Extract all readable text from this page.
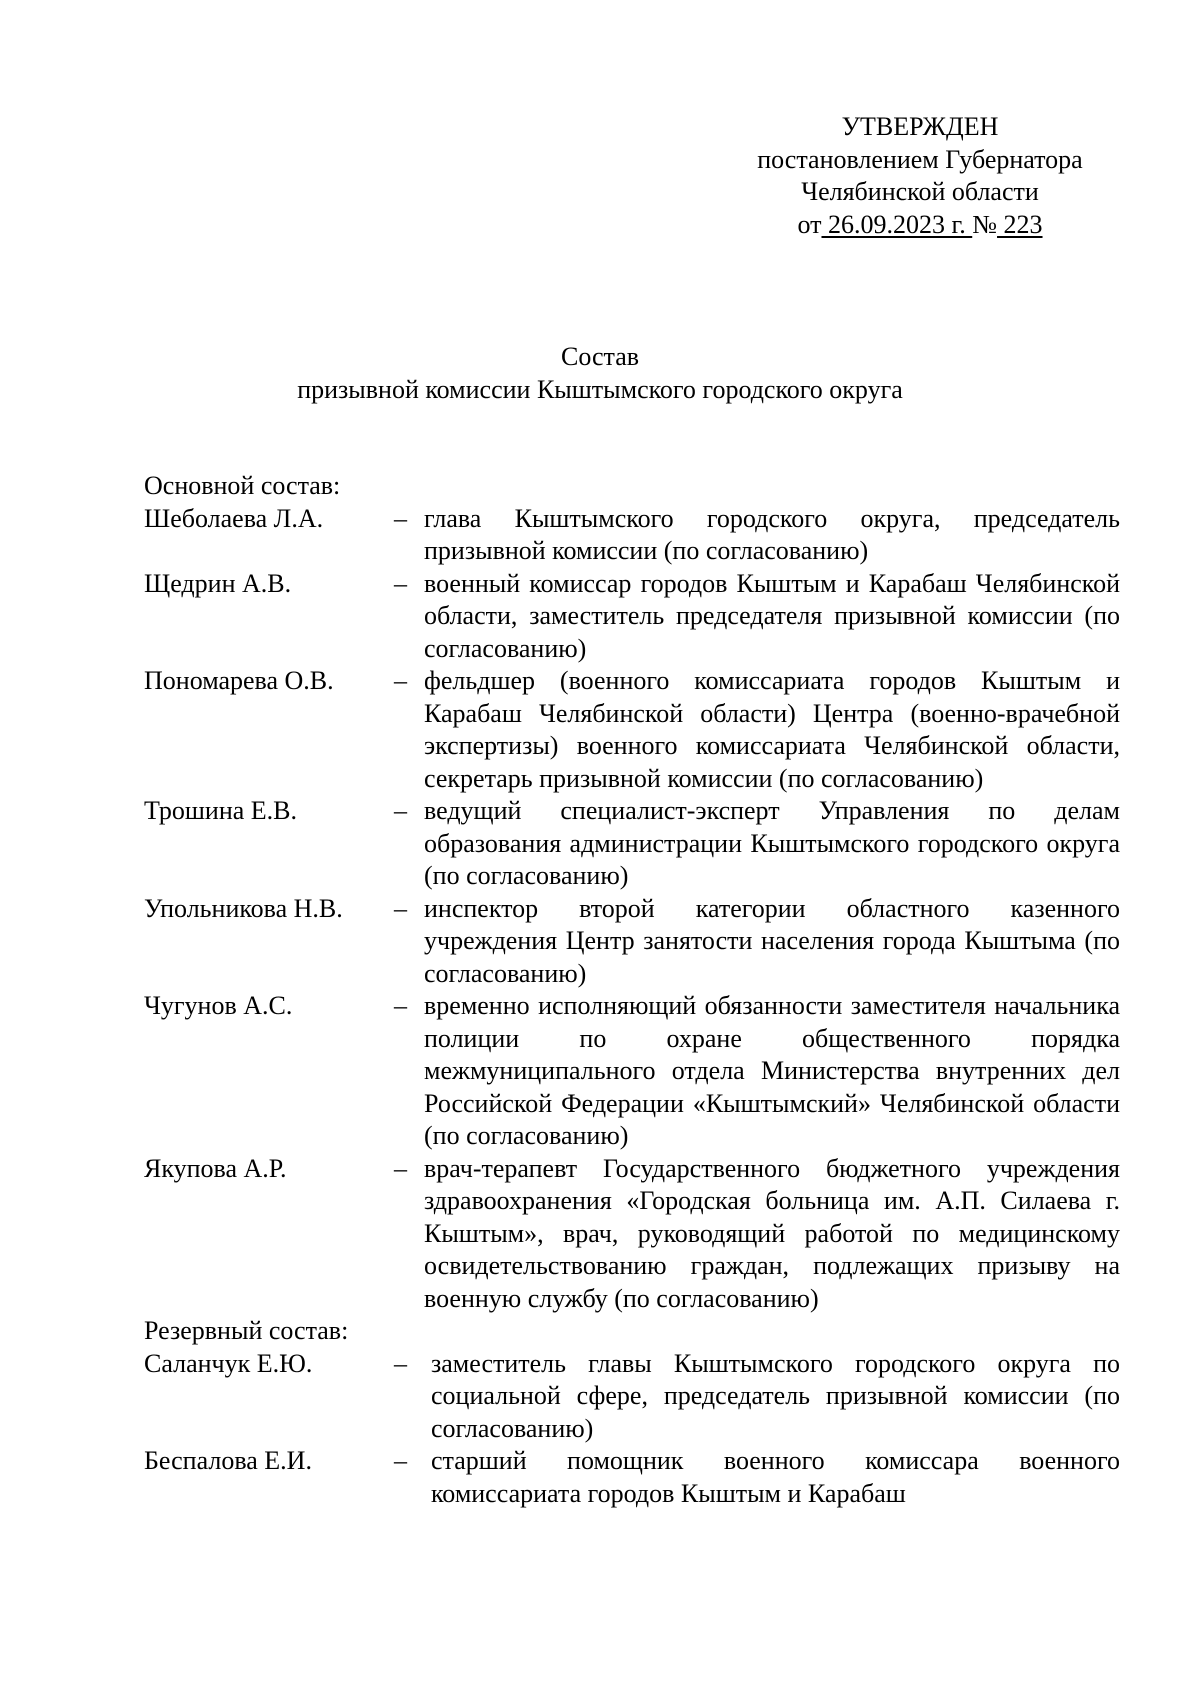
УТВЕРЖДЕН
постановлением Губернатора
Челябинской области
от 26.09.2023 г. № 223
Состав
призывной комиссии Кыштымского городского округа
Основной состав:
Шеболаева Л.А.	– глава Кыштымского городского округа, председатель призывной комиссии (по согласованию)
Щедрин А.В.	– военный комиссар городов Кыштым и Карабаш Челябинской области, заместитель председателя призывной комиссии (по согласованию)
Пономарева О.В.	– фельдшер (военного комиссариата городов Кыштым и Карабаш Челябинской области) Центра (военно-врачебной экспертизы) военного комиссариата Челябинской области, секретарь призывной комиссии (по согласованию)
Трошина Е.В.	– ведущий специалист-эксперт Управления по делам образования администрации Кыштымского городского округа (по согласованию)
Упольникова Н.В.	– инспектор второй категории областного казенного учреждения Центр занятости населения города Кыштыма (по согласованию)
Чугунов А.С.	– временно исполняющий обязанности заместителя начальника полиции по охране общественного порядка межмуниципального отдела Министерства внутренних дел Российской Федерации «Кыштымский» Челябинской области (по согласованию)
Якупова А.Р.	– врач-терапевт Государственного бюджетного учреждения здравоохранения «Городская больница им. А.П. Силаева г. Кыштым», врач, руководящий работой по медицинскому освидетельствованию граждан, подлежащих призыву на военную службу (по согласованию)
Резервный состав:
Саланчук Е.Ю.	– заместитель главы Кыштымского городского округа по социальной сфере, председатель призывной комиссии (по согласованию)
Беспалова Е.И.	– старший помощник военного комиссара военного комиссариата городов Кыштым и Карабаш
